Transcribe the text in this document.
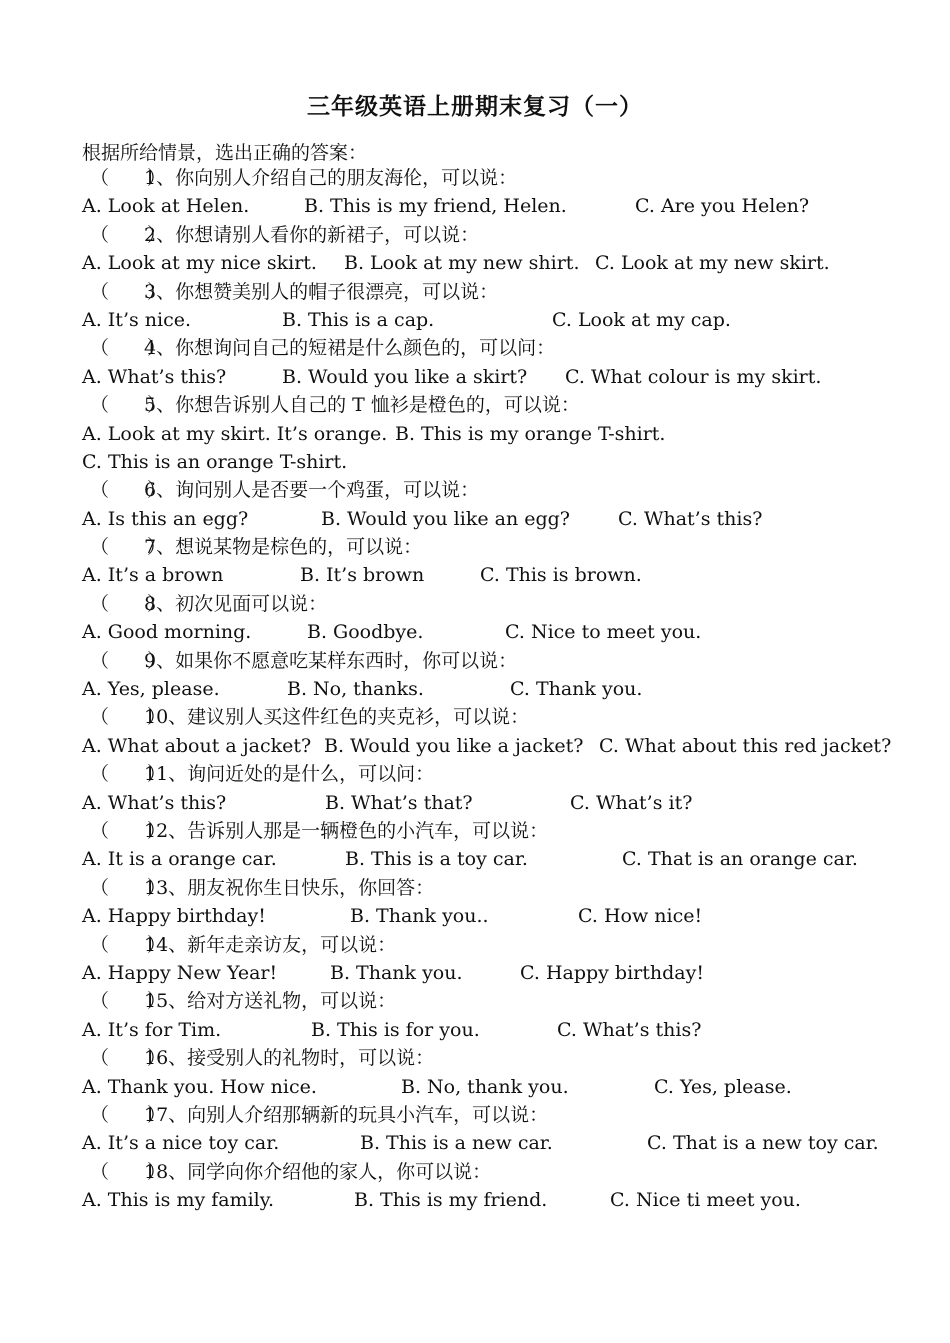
三年级英语上册期末复习（一）
根据所给情景，选出正确的答案：
（　　）1、你向别人介绍自己的朋友海伦，可以说：
A. Look at Helen.	B. This is my friend, Helen.	C. Are you Helen?
（　　）2、你想请别人看你的新裙子，可以说：
A. Look at my nice skirt. B. Look at my new shirt. C. Look at my new skirt.
（　　）3、你想赞美别人的帽子很漂亮，可以说：
A. It’s nice.	B. This is a cap.	C. Look at my cap.
（　　）4、你想询问自己的短裙是什么颜色的，可以问：
A. What’s this?	B. Would you like a skirt? C. What colour is my skirt.
（　　）5、你想告诉别人自己的 T 恤衫是橙色的，可以说：
A. Look at my skirt. It’s orange. B. This is my orange T-shirt.
C. This is an orange T-shirt.
（　　）6、询问别人是否要一个鸡蛋，可以说：
A. Is this an egg?	B. Would you like an egg?	C. What’s this?
（　　）7、想说某物是棕色的，可以说：
A. It’s a brown	B. It’s brown	C. This is brown.
（　　）8、初次见面可以说：
A. Good morning.	B. Goodbye.	C. Nice to meet you.
（　　）9、如果你不愿意吃某样东西时，你可以说：
A. Yes, please.	B. No, thanks.	C. Thank you.
（　　）10、建议别人买这件红色的夹克衫，可以说：
A. What about a jacket? B. Would you like a jacket? C. What about this red jacket?
（　　）11、询问近处的是什么，可以问：
A. What’s this?	B. What’s that?	C. What’s it?
（　　）12、告诉别人那是一辆橙色的小汽车，可以说：
A. It is a orange car.	B. This is a toy car.	C. That is an orange car.
（　　）13、朋友祝你生日快乐，你回答：
A. Happy birthday!	B. Thank you..	C. How nice!
（　　）14、新年走亲访友，可以说：
A. Happy New Year!	B. Thank you.	C. Happy birthday!
（　　）15、给对方送礼物，可以说：
A. It’s for Tim.	B. This is for you.	C. What’s this?
（　　）16、接受别人的礼物时，可以说：
A. Thank you. How nice.	B. No, thank you.	C. Yes, please.
（　　）17、向别人介绍那辆新的玩具小汽车，可以说：
A. It’s a nice toy car.	B. This is a new car.	C. That is a new toy car.
（　　）18、同学向你介绍他的家人，你可以说：
A. This is my family.	B. This is my friend.	C. Nice ti meet you.
